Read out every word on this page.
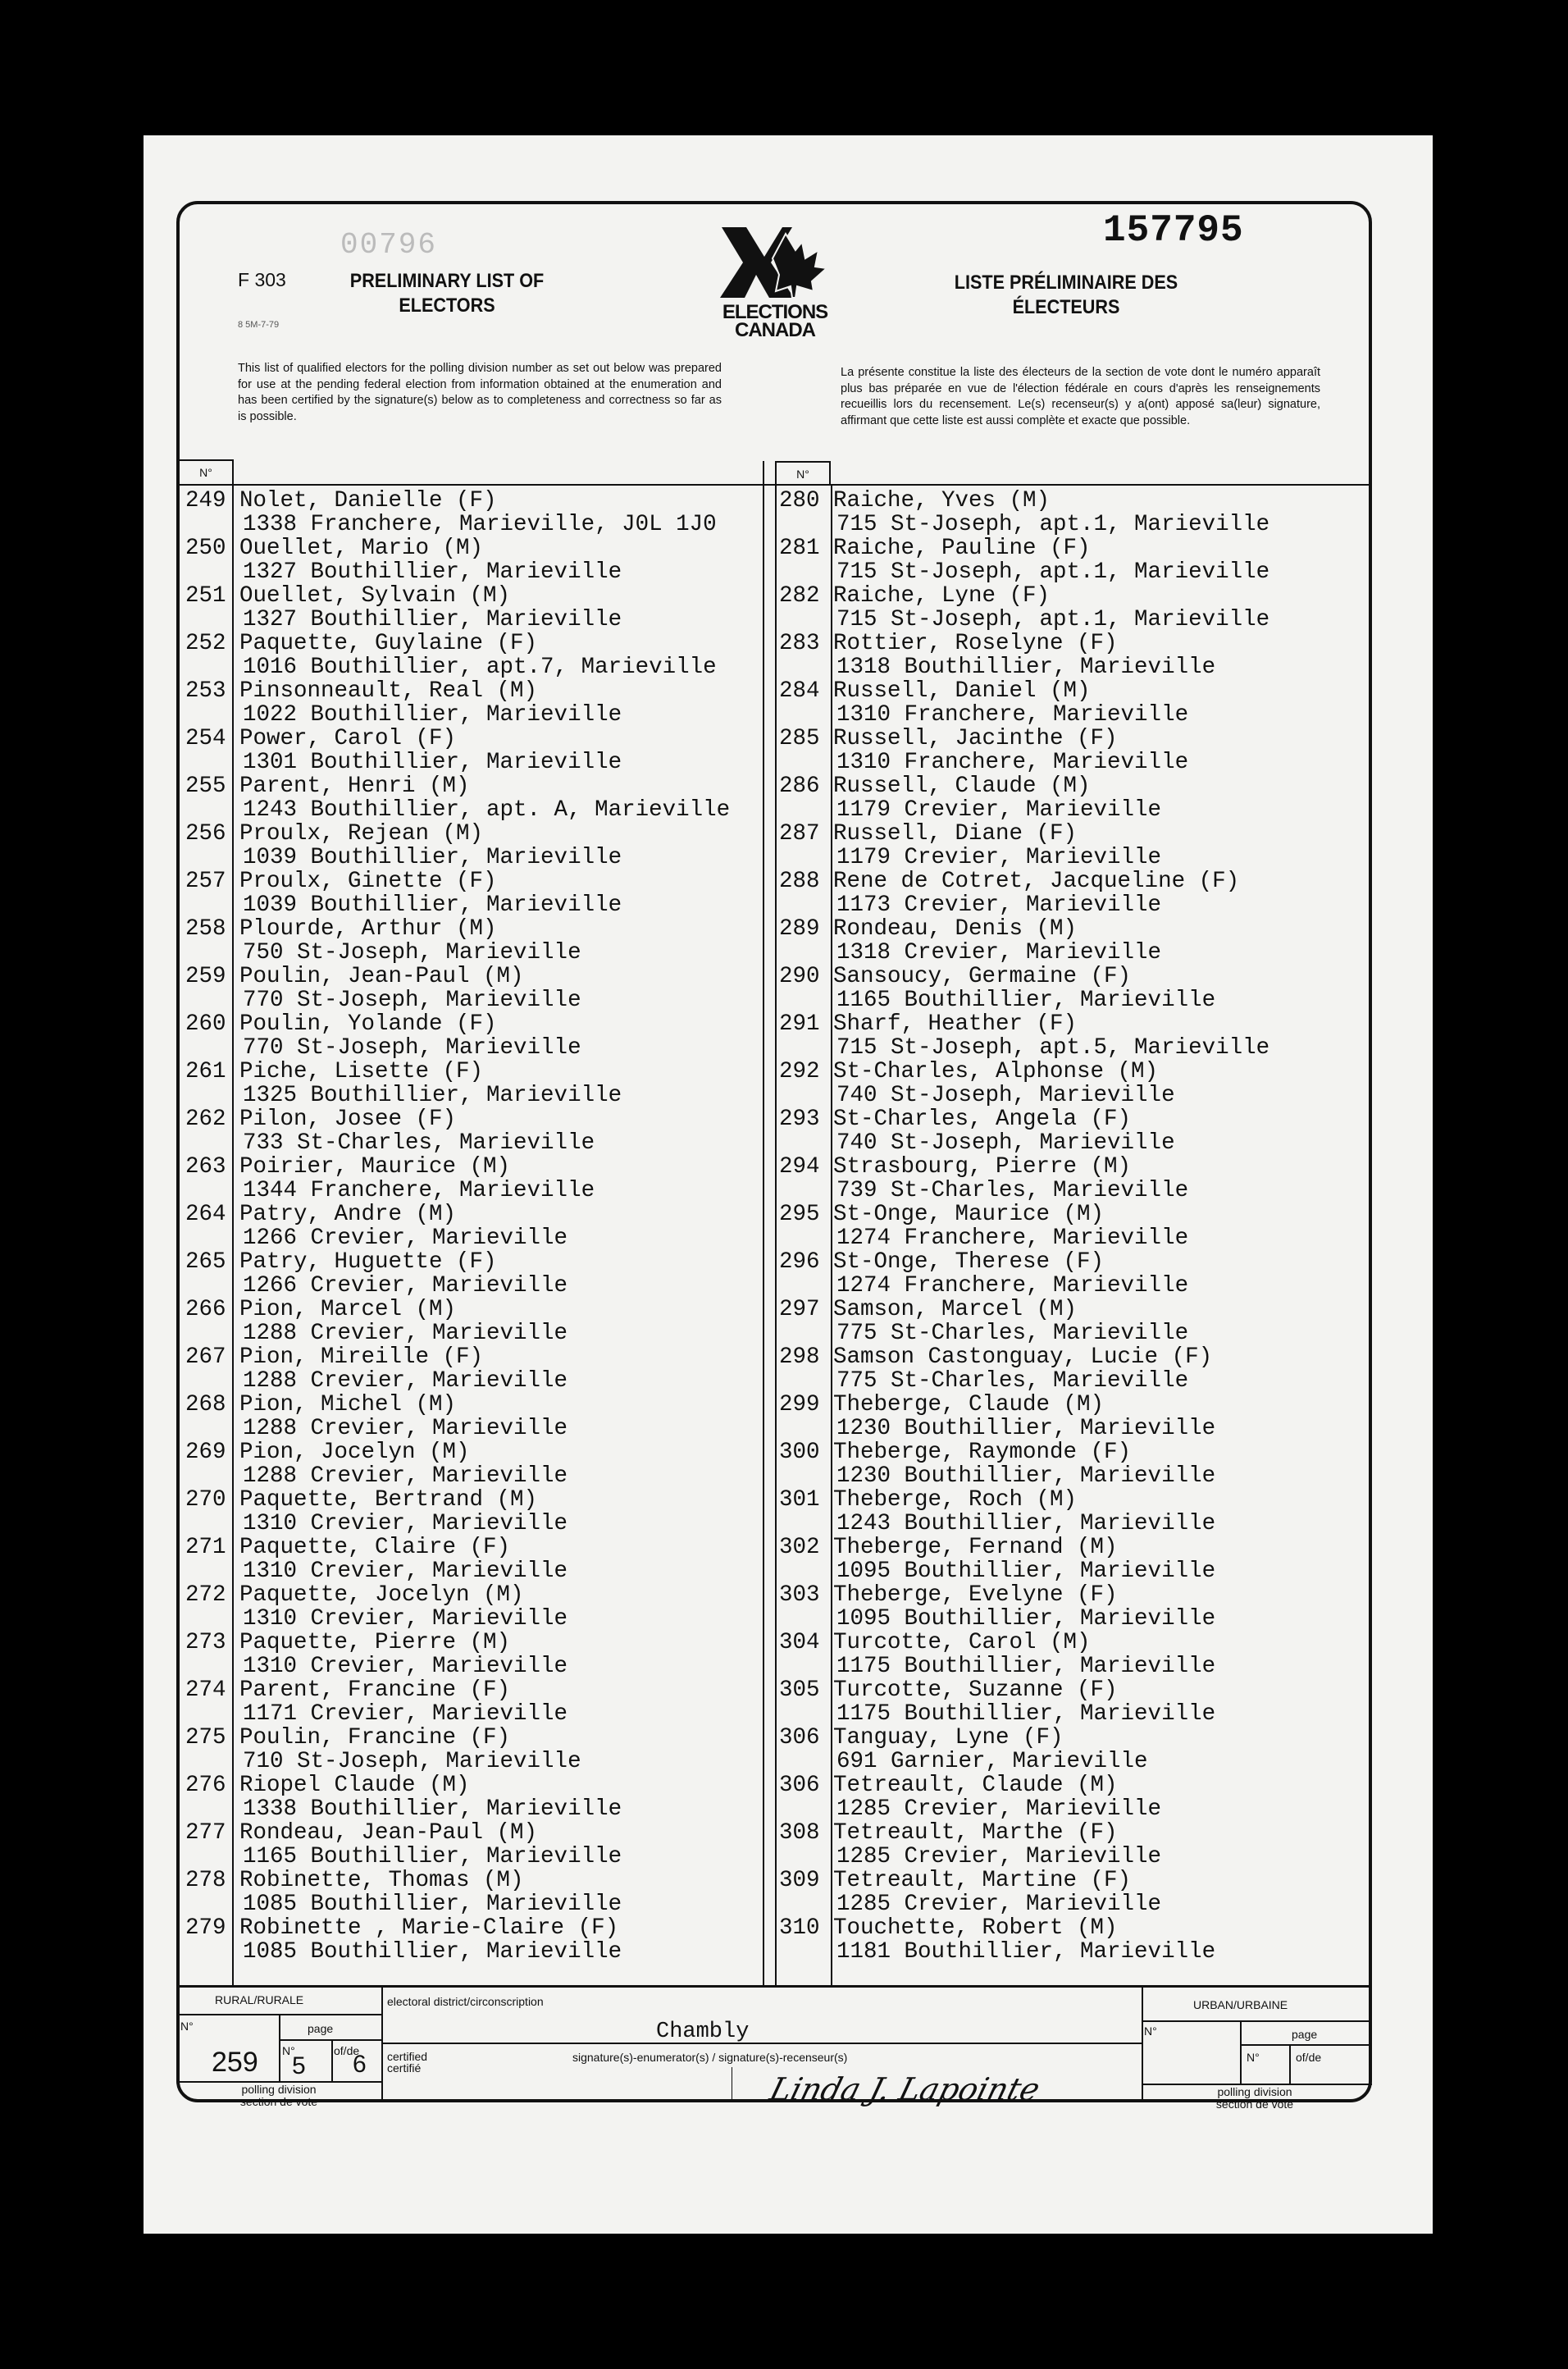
157795
00796
F 303
8 5M-7-79
PRELIMINARY LIST OF ELECTORS
LISTE PRÉLIMINAIRE DES ÉLECTEURS
ELECTIONS
CANADA
This list of qualified electors for the polling division number as set out below was prepared for use at the pending federal election from information obtained at the enumeration and has been certified by the signature(s) below as to completeness and correctness so far as is possible.
La présente constitue la liste des électeurs de la section de vote dont le numéro apparaît plus bas préparée en vue de l'élection fédérale en cours d'après les renseignements recueillis lors du recensement. Le(s) recenseur(s) y a(ont) apposé sa(leur) signature, affirmant que cette liste est aussi complète et exacte que possible.
N°	N°
249 Nolet, Danielle (F)
1338 Franchere, Marieville, J0L 1J0
250 Ouellet, Mario (M)
1327 Bouthillier, Marieville
251 Ouellet, Sylvain (M)
1327 Bouthillier, Marieville
252 Paquette, Guylaine (F)
1016 Bouthillier, apt.7, Marieville
253 Pinsonneault, Real (M)
1022 Bouthillier, Marieville
254 Power, Carol (F)
1301 Bouthillier, Marieville
255 Parent, Henri (M)
1243 Bouthillier, apt. A, Marieville
256 Proulx, Rejean (M)
1039 Bouthillier, Marieville
257 Proulx, Ginette (F)
1039 Bouthillier, Marieville
258 Plourde, Arthur (M)
750 St-Joseph, Marieville
259 Poulin, Jean-Paul (M)
770 St-Joseph, Marieville
260 Poulin, Yolande (F)
770 St-Joseph, Marieville
261 Piche, Lisette (F)
1325 Bouthillier, Marieville
262 Pilon, Josee (F)
733 St-Charles, Marieville
263 Poirier, Maurice (M)
1344 Franchere, Marieville
264 Patry, Andre (M)
1266 Crevier, Marieville
265 Patry, Huguette (F)
1266 Crevier, Marieville
266 Pion, Marcel (M)
1288 Crevier, Marieville
267 Pion, Mireille (F)
1288 Crevier, Marieville
268 Pion, Michel (M)
1288 Crevier, Marieville
269 Pion, Jocelyn (M)
1288 Crevier, Marieville
270 Paquette, Bertrand (M)
1310 Crevier, Marieville
271 Paquette, Claire (F)
1310 Crevier, Marieville
272 Paquette, Jocelyn (M)
1310 Crevier, Marieville
273 Paquette, Pierre (M)
1310 Crevier, Marieville
274 Parent, Francine (F)
1171 Crevier, Marieville
275 Poulin, Francine (F)
710 St-Joseph, Marieville
276 Riopel Claude (M)
1338 Bouthillier, Marieville
277 Rondeau, Jean-Paul (M)
1165 Bouthillier, Marieville
278 Robinette, Thomas (M)
1085 Bouthillier, Marieville
279 Robinette , Marie-Claire (F)
1085 Bouthillier, Marieville
280 Raiche, Yves (M)
715 St-Joseph, apt.1, Marieville
281 Raiche, Pauline (F)
715 St-Joseph, apt.1, Marieville
282 Raiche, Lyne (F)
715 St-Joseph, apt.1, Marieville
283 Rottier, Roselyne (F)
1318 Bouthillier, Marieville
284 Russell, Daniel (M)
1310 Franchere, Marieville
285 Russell, Jacinthe (F)
1310 Franchere, Marieville
286 Russell, Claude (M)
1179 Crevier, Marieville
287 Russell, Diane (F)
1179 Crevier, Marieville
288 Rene de Cotret, Jacqueline (F)
1173 Crevier, Marieville
289 Rondeau, Denis (M)
1318 Crevier, Marieville
290 Sansoucy, Germaine (F)
1165 Bouthillier, Marieville
291 Sharf, Heather (F)
715 St-Joseph, apt.5, Marieville
292 St-Charles, Alphonse (M)
740 St-Joseph, Marieville
293 St-Charles, Angela (F)
740 St-Joseph, Marieville
294 Strasbourg, Pierre (M)
739 St-Charles, Marieville
295 St-Onge, Maurice (M)
1274 Franchere, Marieville
296 St-Onge, Therese (F)
1274 Franchere, Marieville
297 Samson, Marcel (M)
775 St-Charles, Marieville
298 Samson Castonguay, Lucie (F)
775 St-Charles, Marieville
299 Theberge, Claude (M)
1230 Bouthillier, Marieville
300 Theberge, Raymonde (F)
1230 Bouthillier, Marieville
301 Theberge, Roch (M)
1243 Bouthillier, Marieville
302 Theberge, Fernand (M)
1095 Bouthillier, Marieville
303 Theberge, Evelyne (F)
1095 Bouthillier, Marieville
304 Turcotte, Carol (M)
1175 Bouthillier, Marieville
305 Turcotte, Suzanne (F)
1175 Bouthillier, Marieville
306 Tanguay, Lyne (F)
691 Garnier, Marieville
306 Tetreault, Claude (M)
1285 Crevier, Marieville
308 Tetreault, Marthe (F)
1285 Crevier, Marieville
309 Tetreault, Martine (F)
1285 Crevier, Marieville
310 Touchette, Robert (M)
1181 Bouthillier, Marieville
RURAL/RURALE
N°	page
259 N°
5
of/de
6
polling division
section de vote
electoral district/circonscription
Chambly
certified
certifié
signature(s)-enumerator(s) / signature(s)-recenseur(s)
Linda J. Lapointe
URBAN/URBAINE
N°	page
N°	of/de
polling division
section de vote
